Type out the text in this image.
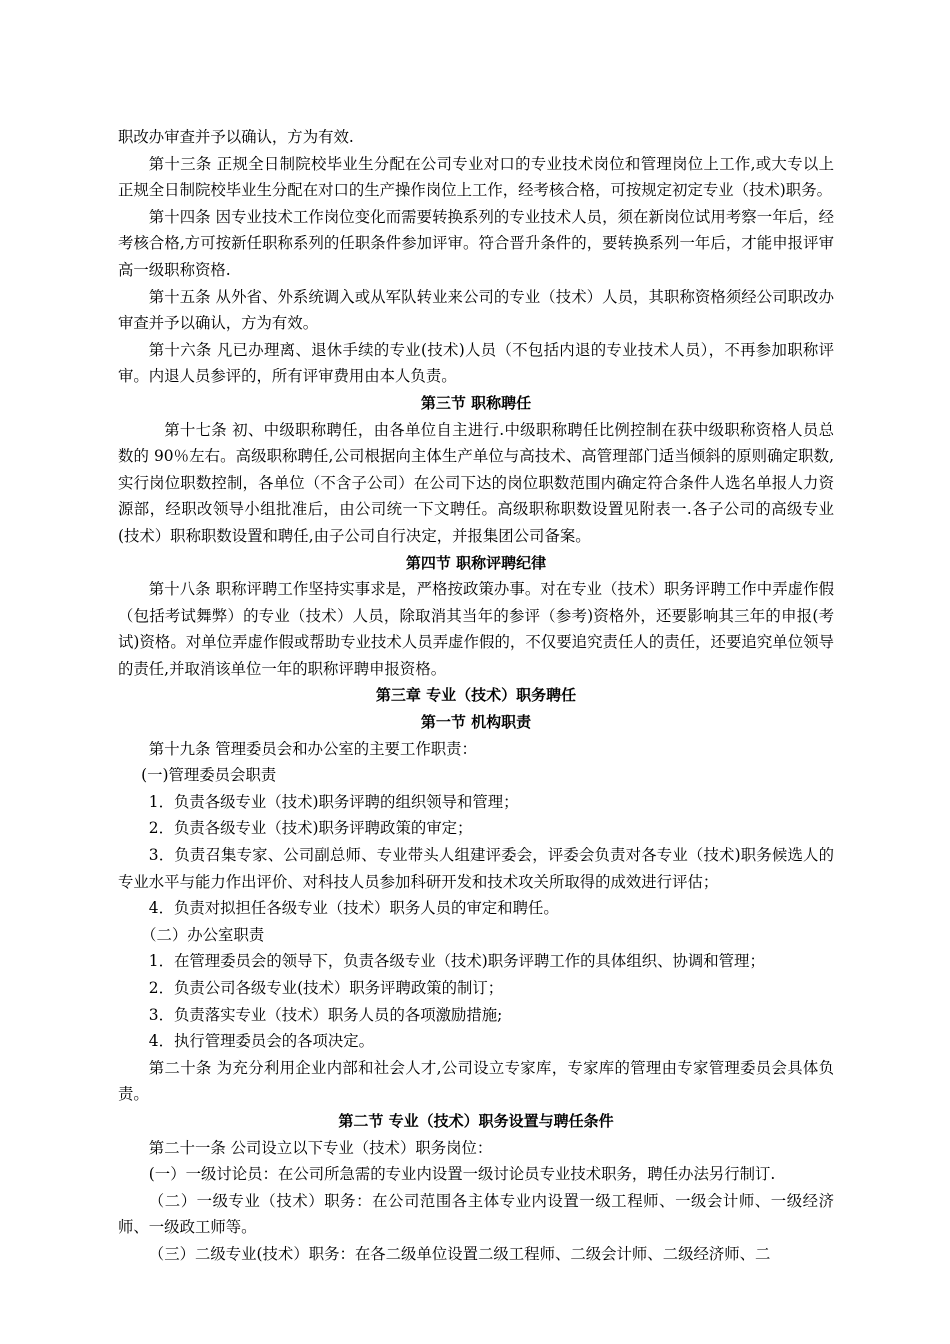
职改办审查并予以确认，方为有效.

第十三条 正规全日制院校毕业生分配在公司专业对口的专业技术岗位和管理岗位上工作,或大专以上正规全日制院校毕业生分配在对口的生产操作岗位上工作，经考核合格，可按规定初定专业（技术)职务。

第十四条 因专业技术工作岗位变化而需要转换系列的专业技术人员，须在新岗位试用考察一年后，经考核合格,方可按新任职称系列的任职条件参加评审。符合晋升条件的，要转换系列一年后，才能申报评审高一级职称资格.

第十五条 从外省、外系统调入或从军队转业来公司的专业（技术）人员，其职称资格须经公司职改办审查并予以确认，方为有效。

第十六条 凡已办理离、退休手续的专业(技术)人员（不包括内退的专业技术人员），不再参加职称评审。内退人员参评的，所有评审费用由本人负责。

第三节 职称聘任

第十七条 初、中级职称聘任，由各单位自主进行.中级职称聘任比例控制在获中级职称资格人员总数的 90％左右。高级职称聘任,公司根据向主体生产单位与高技术、高管理部门适当倾斜的原则确定职数,实行岗位职数控制，各单位（不含子公司）在公司下达的岗位职数范围内确定符合条件人选名单报人力资源部，经职改领导小组批准后，由公司统一下文聘任。高级职称职数设置见附表一.各子公司的高级专业(技术）职称职数设置和聘任,由子公司自行决定，并报集团公司备案。

第四节 职称评聘纪律

第十八条 职称评聘工作坚持实事求是，严格按政策办事。对在专业（技术）职务评聘工作中弄虚作假（包括考试舞弊）的专业（技术）人员，除取消其当年的参评（参考)资格外，还要影响其三年的申报(考试)资格。对单位弄虚作假或帮助专业技术人员弄虚作假的，不仅要追究责任人的责任，还要追究单位领导的责任,并取消该单位一年的职称评聘申报资格。

第三章 专业（技术）职务聘任

第一节 机构职责

第十九条 管理委员会和办公室的主要工作职责：

(一)管理委员会职责

1．负责各级专业（技术)职务评聘的组织领导和管理；

2．负责各级专业（技术)职务评聘政策的审定；

3．负责召集专家、公司副总师、专业带头人组建评委会，评委会负责对各专业（技术)职务候选人的专业水平与能力作出评价、对科技人员参加科研开发和技术攻关所取得的成效进行评估；

4．负责对拟担任各级专业（技术）职务人员的审定和聘任。

（二）办公室职责

1．在管理委员会的领导下，负责各级专业（技术)职务评聘工作的具体组织、协调和管理；

2．负责公司各级专业(技术）职务评聘政策的制订；

3．负责落实专业（技术）职务人员的各项激励措施;

4．执行管理委员会的各项决定。

第二十条 为充分利用企业内部和社会人才,公司设立专家库，专家库的管理由专家管理委员会具体负责。

第二节 专业（技术）职务设置与聘任条件

第二十一条 公司设立以下专业（技术）职务岗位：

(一）一级讨论员：在公司所急需的专业内设置一级讨论员专业技术职务，聘任办法另行制订.

（二）一级专业（技术）职务：在公司范围各主体专业内设置一级工程师、一级会计师、一级经济师、一级政工师等。

（三）二级专业(技术）职务：在各二级单位设置二级工程师、二级会计师、二级经济师、二
